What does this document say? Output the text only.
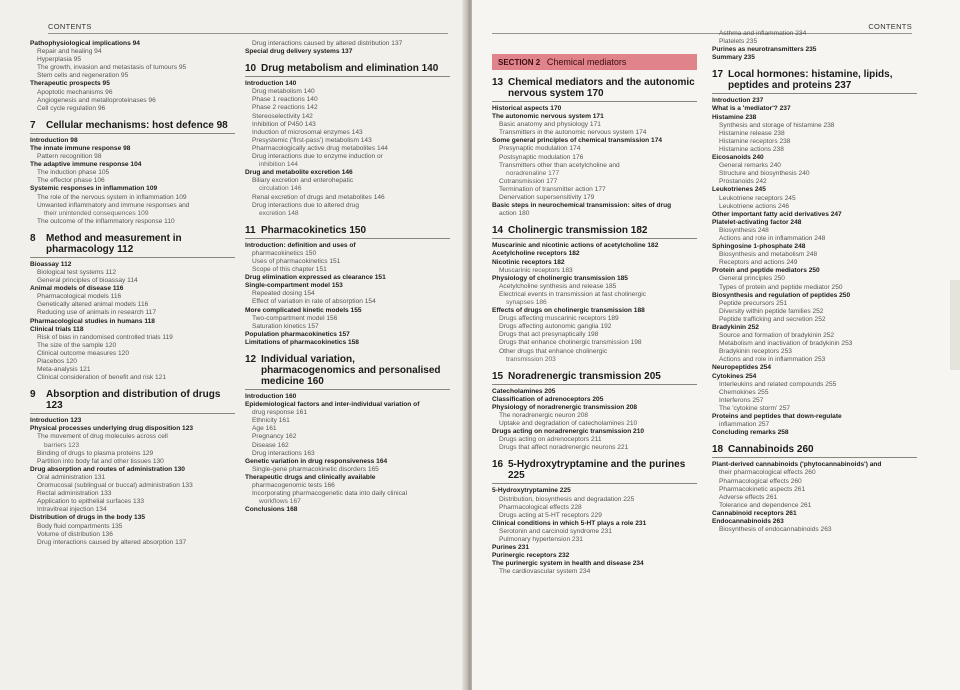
CONTENTS
Pathophysiological implications 94
Repair and healing 94
Hyperplasia 95
The growth, invasion and metastasis of tumours 95
Stem cells and regeneration 95
Therapeutic prospects 95
Apoptotic mechanisms 96
Angiogenesis and metalloproteinases 96
Cell cycle regulation 96
7	Cellular mechanisms: host defence 98
Introduction 98
The innate immune response 98
Pattern recognition 98
The adaptive immune response 104
The induction phase 105
The effector phase 106
Systemic responses in inflammation 109
The role of the nervous system in inflammation 109
Unwanted inflammatory and immune responses and
their unintended consequences 109
The outcome of the inflammatory response 110
8	Method and measurement in pharmacology 112
Bioassay 112
Biological test systems 112
General principles of bioassay 114
Animal models of disease 116
Pharmacological models 116
Genetically altered animal models 116
Reducing use of animals in research 117
Pharmacological studies in humans 118
Clinical trials 118
Risk of bias in randomised controlled trials 119
The size of the sample 120
Clinical outcome measures 120
Placebos 120
Meta-analysis 121
Clinical consideration of benefit and risk 121
9	Absorption and distribution of drugs 123
Introduction 123
Physical processes underlying drug disposition 123
The movement of drug molecules across cell
barriers 123
Binding of drugs to plasma proteins 129
Partition into body fat and other tissues 130
Drug absorption and routes of administration 130
Oral administration 131
Oromucosal (sublingual or buccal) administration 133
Rectal administration 133
Application to epithelial surfaces 133
Intravitreal injection 134
Distribution of drugs in the body 135
Body fluid compartments 135
Volume of distribution 136
Drug interactions caused by altered absorption 137
Drug interactions caused by altered distribution 137
Special drug delivery systems 137
10 Drug metabolism and elimination 140
Introduction 140
Drug metabolism 140
Phase 1 reactions 140
Phase 2 reactions 142
Stereoselectivity 142
Inhibition of P450 143
Induction of microsomal enzymes 143
Presystemic ('first-pass') metabolism 143
Pharmacologically active drug metabolites 144
Drug interactions due to enzyme induction or
inhibition 144
Drug and metabolite excretion 146
Biliary excretion and enterohepatic
circulation 146
Renal excretion of drugs and metabolites 146
Drug interactions due to altered drug
excretion 148
11 Pharmacokinetics 150
Introduction: definition and uses of
pharmacokinetics 150
Uses of pharmacokinetics 151
Scope of this chapter 151
Drug elimination expressed as clearance 151
Single-compartment model 153
Repeated dosing 154
Effect of variation in rate of absorption 154
More complicated kinetic models 155
Two-compartment model 156
Saturation kinetics 157
Population pharmacokinetics 157
Limitations of pharmacokinetics 158
12 Individual variation, pharmacogenomics and personalised medicine 160
Introduction 160
Epidemiological factors and inter-individual variation of
drug response 161
Ethnicity 161
Age 161
Pregnancy 162
Disease 162
Drug interactions 163
Genetic variation in drug responsiveness 164
Single-gene pharmacokinetic disorders 165
Therapeutic drugs and clinically available
pharmacogenomic tests 166
Incorporating pharmacogenetic data into daily clinical
workflows 167
Conclusions 168
CONTENTS
SECTION 2 Chemical mediators
13 Chemical mediators and the autonomic nervous system 170
Historical aspects 170
The autonomic nervous system 171
Basic anatomy and physiology 171
Transmitters in the autonomic nervous system 174
Some general principles of chemical transmission 174
Presynaptic modulation 174
Postsynaptic modulation 176
Transmitters other than acetylcholine and
noradrenaline 177
Cotransmission 177
Termination of transmitter action 177
Denervation supersensitivity 179
Basic steps in neurochemical transmission: sites of drug
action 180
14 Cholinergic transmission 182
Muscarinic and nicotinic actions of acetylcholine 182
Acetylcholine receptors 182
Nicotinic receptors 182
Muscarinic receptors 183
Physiology of cholinergic transmission 185
Acetylcholine synthesis and release 185
Electrical events in transmission at fast cholinergic
synapses 186
Effects of drugs on cholinergic transmission 188
Drugs affecting muscarinic receptors 189
Drugs affecting autonomic ganglia 192
Drugs that act presynaptically 198
Drugs that enhance cholinergic transmission 198
Other drugs that enhance cholinergic
transmission 203
15 Noradrenergic transmission 205
Catecholamines 205
Classification of adrenoceptors 205
Physiology of noradrenergic transmission 208
The noradrenergic neuron 208
Uptake and degradation of catecholamines 210
Drugs acting on noradrenergic transmission 210
Drugs acting on adrenoceptors 211
Drugs that affect noradrenergic neurons 221
16 5-Hydroxytryptamine and the purines 225
5-Hydroxytryptamine 225
Distribution, biosynthesis and degradation 225
Pharmacological effects 228
Drugs acting at 5-HT receptors 229
Clinical conditions in which 5-HT plays a role 231
Serotonin and carcinoid syndrome 231
Pulmonary hypertension 231
Purines 231
Purinergic receptors 232
The purinergic system in health and disease 234
The cardiovascular system 234
Asthma and inflammation 234
Platelets 235
Purines as neurotransmitters 235
Summary 235
17 Local hormones: histamine, lipids, peptides and proteins 237
Introduction 237
What is a 'mediator'? 237
Histamine 238
Synthesis and storage of histamine 238
Histamine release 238
Histamine receptors 238
Histamine actions 238
Eicosanoids 240
General remarks 240
Structure and biosynthesis 240
Prostanoids 242
Leukotrienes 245
Leukotriene receptors 245
Leukotriene actions 246
Other important fatty acid derivatives 247
Platelet-activating factor 248
Biosynthesis 248
Actions and role in inflammation 248
Sphingosine 1-phosphate 248
Biosynthesis and metabolism 248
Receptors and actions 249
Protein and peptide mediators 250
General principles 250
Types of protein and peptide mediator 250
Biosynthesis and regulation of peptides 250
Peptide precursors 251
Diversity within peptide families 252
Peptide trafficking and secretion 252
Bradykinin 252
Source and formation of bradykinin 252
Metabolism and inactivation of bradykinin 253
Bradykinin receptors 253
Actions and role in inflammation 253
Neuropeptides 254
Cytokines 254
Interleukins and related compounds 255
Chemokines 255
Interferons 257
The 'cytokine storm' 257
Proteins and peptides that down-regulate
inflammation 257
Concluding remarks 258
18 Cannabinoids 260
Plant-derived cannabinoids ('phytocannabinoids') and
their pharmacological effects 260
Pharmacological effects 260
Pharmacokinetic aspects 261
Adverse effects 261
Tolerance and dependence 261
Cannabinoid receptors 261
Endocannabinoids 263
Biosynthesis of endocannabinoids 263
